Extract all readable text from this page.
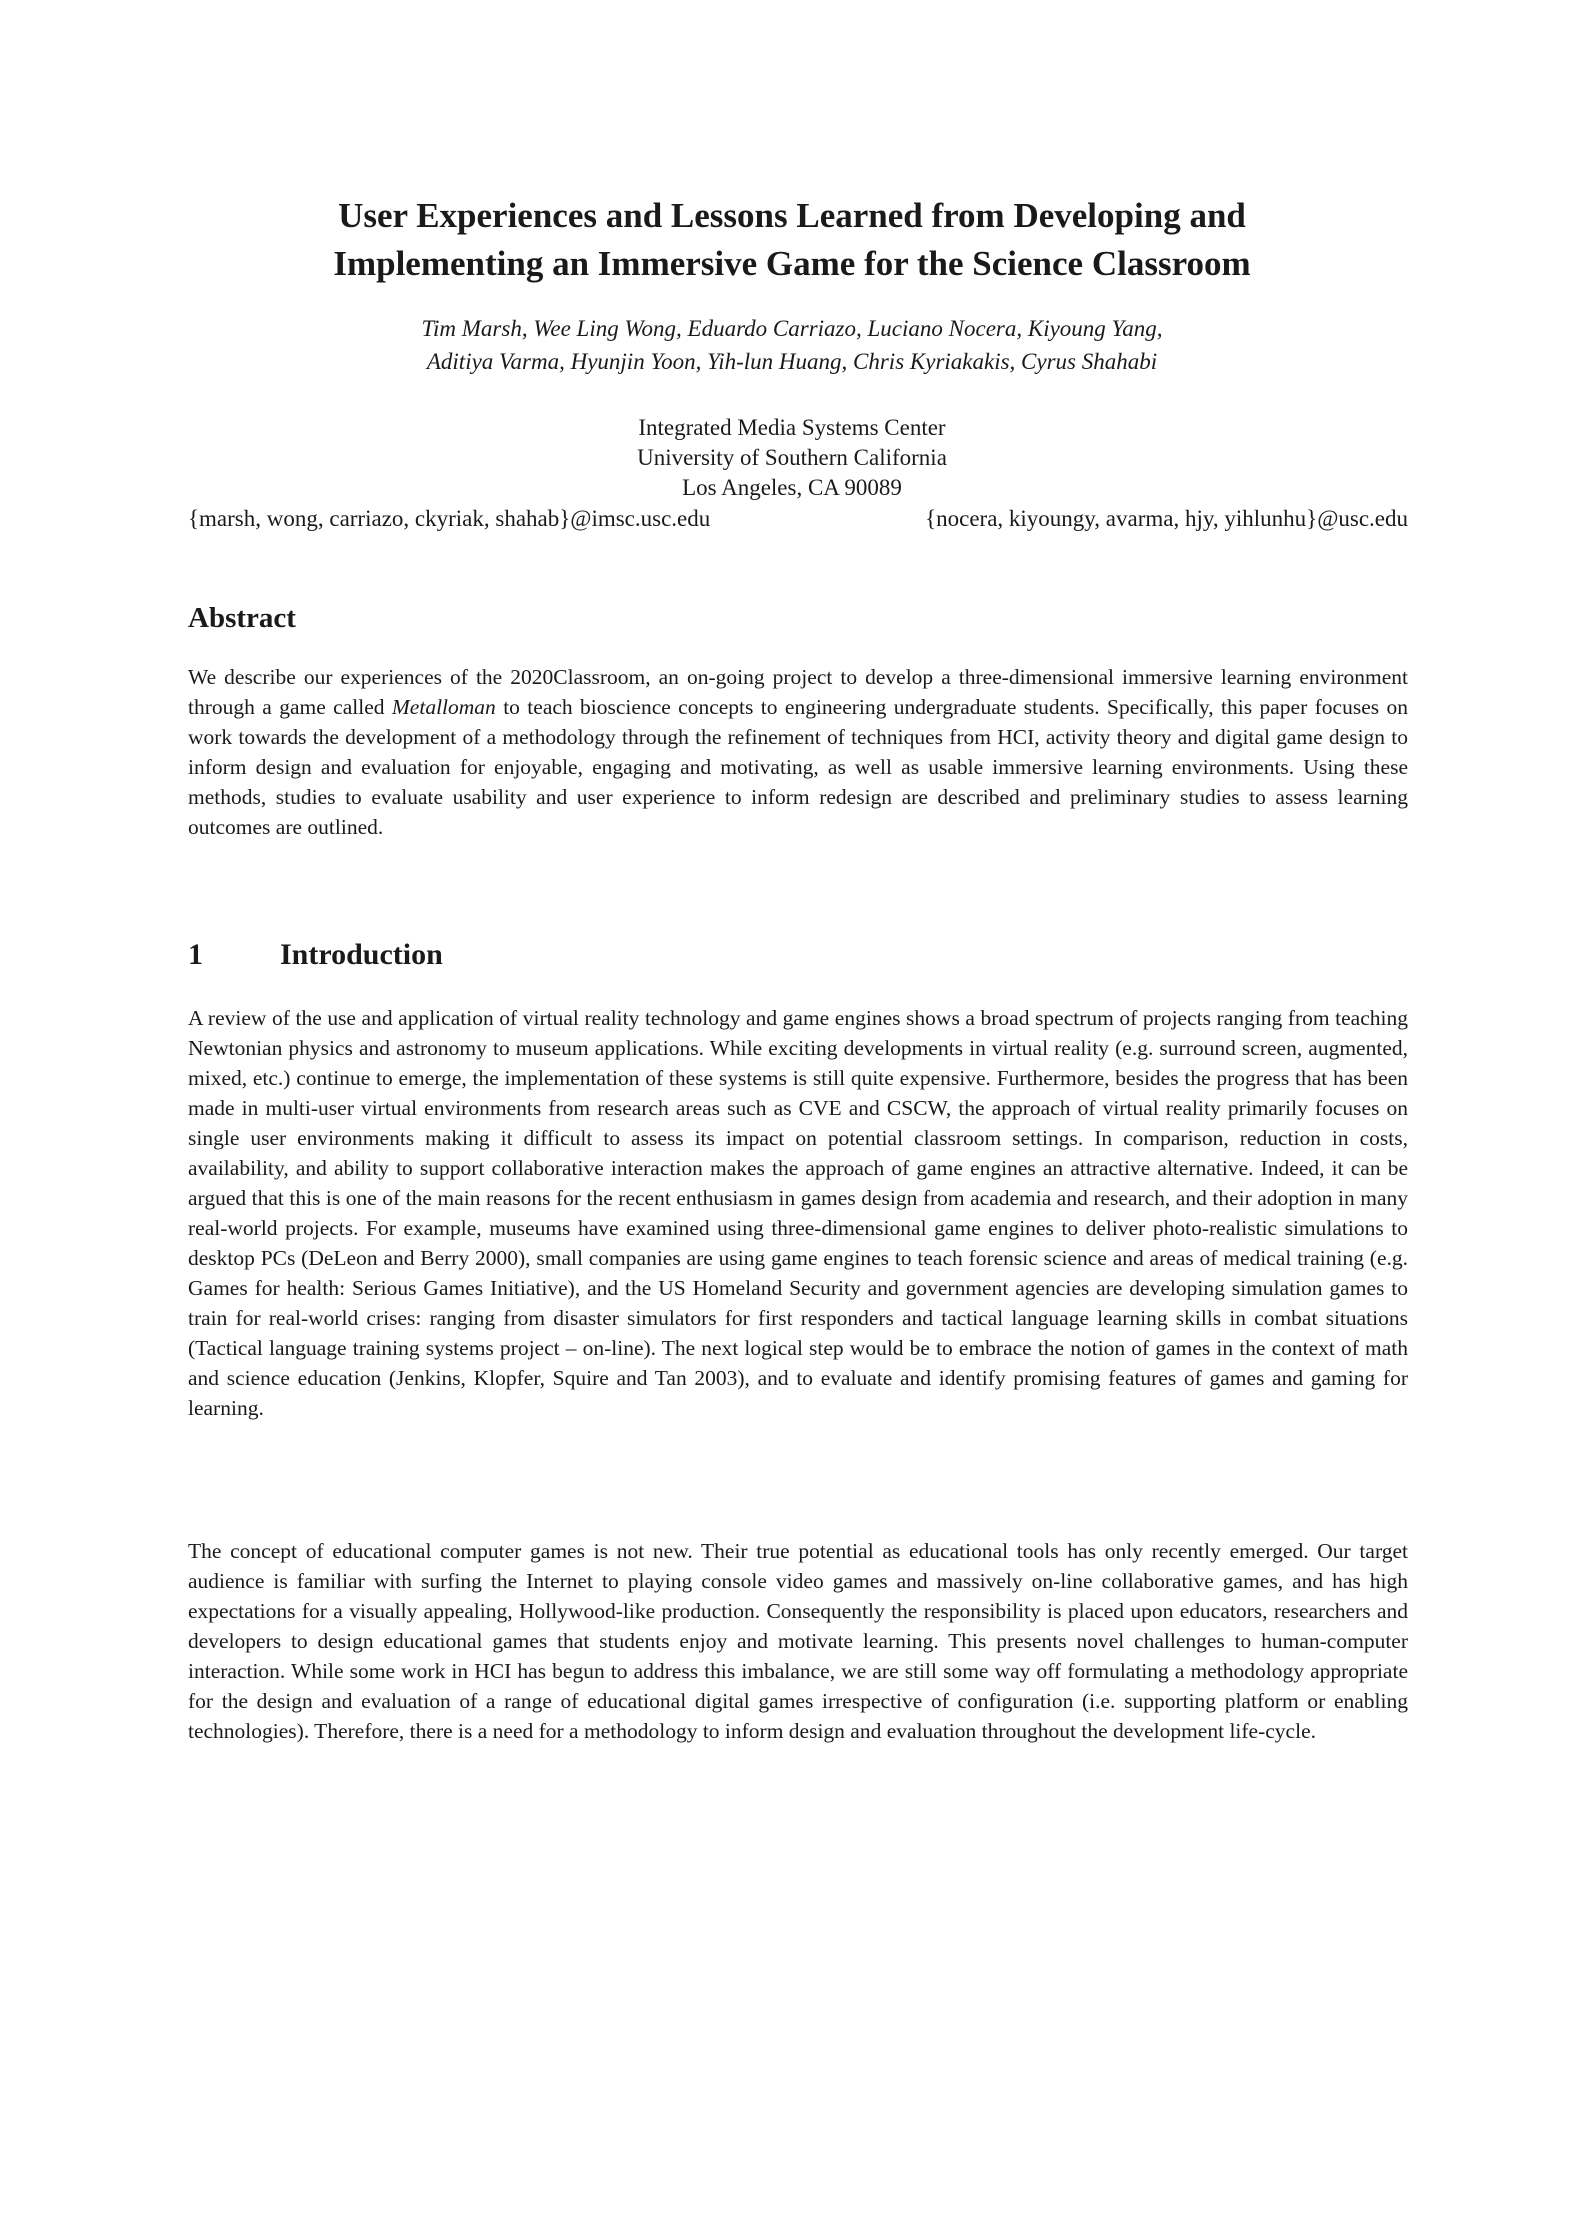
User Experiences and Lessons Learned from Developing and
Implementing an Immersive Game for the Science Classroom
Tim Marsh, Wee Ling Wong, Eduardo Carriazo, Luciano Nocera, Kiyoung Yang,
Aditiya Varma, Hyunjin Yoon, Yih-lun Huang, Chris Kyriakakis, Cyrus Shahabi
Integrated Media Systems Center
University of Southern California
Los Angeles, CA 90089
{marsh, wong, carriazo, ckyriak, shahab}@imsc.usc.edu	{nocera, kiyoungy, avarma, hjy, yihlunhu}@usc.edu
Abstract

We describe our experiences of the 2020Classroom, an on-going project to develop a three-dimensional immersive learning environment through a game called Metalloman to teach bioscience concepts to engineering undergraduate students. Specifically, this paper focuses on work towards the development of a methodology through the refinement of techniques from HCI, activity theory and digital game design to inform design and evaluation for enjoyable, engaging and motivating, as well as usable immersive learning environments. Using these methods, studies to evaluate usability and user experience to inform redesign are described and preliminary studies to assess learning outcomes are outlined.

1	Introduction

A review of the use and application of virtual reality technology and game engines shows a broad spectrum of projects ranging from teaching Newtonian physics and astronomy to museum applications. While exciting developments in virtual reality (e.g. surround screen, augmented, mixed, etc.) continue to emerge, the implementation of these systems is still quite expensive. Furthermore, besides the progress that has been made in multi-user virtual environments from research areas such as CVE and CSCW, the approach of virtual reality primarily focuses on single user environments making it difficult to assess its impact on potential classroom settings. In comparison, reduction in costs, availability, and ability to support collaborative interaction makes the approach of game engines an attractive alternative. Indeed, it can be argued that this is one of the main reasons for the recent enthusiasm in games design from academia and research, and their adoption in many real-world projects. For example, museums have examined using three-dimensional game engines to deliver photo-realistic simulations to desktop PCs (DeLeon and Berry 2000), small companies are using game engines to teach forensic science and areas of medical training (e.g. Games for health: Serious Games Initiative), and the US Homeland Security and government agencies are developing simulation games to train for real-world crises: ranging from disaster simulators for first responders and tactical language learning skills in combat situations (Tactical language training systems project – on-line). The next logical step would be to embrace the notion of games in the context of math and science education (Jenkins, Klopfer, Squire and Tan 2003), and to evaluate and identify promising features of games and gaming for learning.

The concept of educational computer games is not new. Their true potential as educational tools has only recently emerged. Our target audience is familiar with surfing the Internet to playing console video games and massively on-line collaborative games, and has high expectations for a visually appealing, Hollywood-like production. Consequently the responsibility is placed upon educators, researchers and developers to design educational games that students enjoy and motivate learning. This presents novel challenges to human-computer interaction. While some work in HCI has begun to address this imbalance, we are still some way off formulating a methodology appropriate for the design and evaluation of a range of educational digital games irrespective of configuration (i.e. supporting platform or enabling technologies). Therefore, there is a need for a methodology to inform design and evaluation throughout the development life-cycle.
